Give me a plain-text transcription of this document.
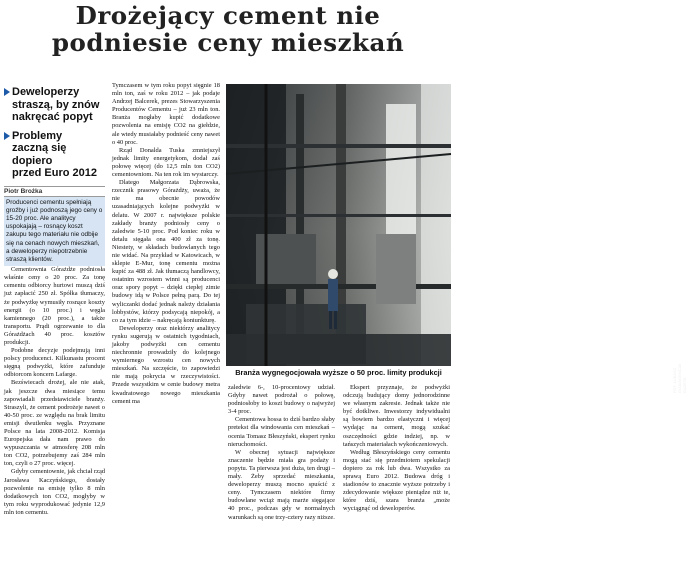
Drożejący cement nie
podniesie ceny mieszkań
Deweloperzy
straszą, by znów
nakręcać popyt
Problemy
zaczną się dopiero
przed Euro 2012
Piotr Brożka
Producenci cementu spełniają groźby i już podnoszą jego ceny o 15-20 proc. Ale analitycy uspokajają – rosnący koszt zakupu tego materiału nie odbije się na cenach nowych mieszkań, a deweloperzy niepotrzebnie straszą klientów.

Cementownia Górażdże podniosła właśnie ceny o 20 proc. Za tonę cementu odbiorcy hurtowi muszą dziś już zapłacić 250 zł. Spółka tłumaczy, że podwyżkę wymusiły rosnące koszty energii (o 10 proc.) i węgla kamiennego (20 proc.), a także transportu. Prądi ogrzewanie to dla Górażdżach 40 proc. kosztów produkcji.

Podobne decyzje podejmują inni polscy producenci. Kilkunastu procent sięgną podwyżki, które zafunduje odbiorcom koncern Lafarge.

Bezświecach drożej, ale nie atak, jak jeszcze dwa miesiące temu zapowiadali przedstawiciele branży. Straszyli, że cement podrożeje nawet o 40-50 proc. ze względu na brak limitu emisji dwutlenku węgla. Przyznane Polsce na lata 2008-2012. Komisja Europejska dała nam prawo do wypuszczania w atmosferę 208 mln ton CO2, potrzebujemy zaś 284 mln ton, czyli o 27 proc. więcej.

Gdyby cementownie, jak chciał rząd Jarosława Kaczyńskiego, dostały pozwolenie na emisję tylko 8 mln dodatkowych ton CO2, mogłyby w tym roku wyprodukować jedynie 12,9 mln ton cementu.

Tymczasem w tym roku popyt sięgnie 18 mln ton, zaś w roku 2012 – jak podaje Andrzej Balcerek, prezes Stowarzyszenia Producentów Cementu – już 23 mln ton. Branża mogłaby kupić dodatkowe pozwolenia na emisję CO2 na giełdzie, ale wtedy musiałaby podnieść ceny nawet o 40 proc.

Rząd Donalda Tuska zmniejszył jednak limity energetykom, dodał zaś połowę więcej (do 12,5 mln ton CO2) cementowniom. Na ten rok im wystarczy.

Dlatego Małgorzata Dąbrowska, rzecznik prasowy Górażdży, uważa, że nie ma obecnie powodów uzasadniających kolejne podwyżki w delatu. W 2007 r. największe polskie zakłady branży podniosły ceny o zaledwie 5-10 proc. Pod koniec roku w detalu sięgała ona 400 zł za tonę. Niestety, w składach budowlanych tego nie widać. Na przykład w Katowicach, w sklepie E-Mur, tonę cementu można kupić za 488 zł. Jak tłumaczą handlowcy, ostatnim wzrostem winni są producenci oraz spory popyt – dzięki ciepłej zimie budowy idą w Polsce pełną parą. Do tej wyliczanki dodać jednak należy działania lobbystów, którzy podsycają niepokój, a co za tym idzie – nakręcają koniunkturę.

Deweloperzy oraz niektórzy analitycy rynku sugerują w ostatnich tygodniach, jakoby podwyżki cen cementu niechronnie prowadziły do kolejnego wymiernego wzrostu cen nowych mieszkań. Na szczęście, to zapowiedzi nie mają pokrycia w rzeczywistości. Przede wszystkim w cenie budowy metra kwadratowego nowego mieszkania cement ma

FOT. ŁUKASZ GIZA/AGENCJA GAZETA
Branża wygnegocjowała wyższe o 50 proc. limity produkcji

zaledwie 6-, 10-procentowy udział. Gdyby nawet podrożał o połowę, podniosłoby to koszt budowy o najwyżej 3-4 proc.

Cementowa hossa to dziś bardzo słaby pretekst dla windowania cen mieszkań – ocenia Tomasz Błeszyński, ekspert rynku nieruchomości.

W obecnej sytuacji największe znaczenie będzie miała gra podaży i popytu. Ta pierwsza jest duża, ten drugi – mały. Żeby sprzedać mieszkania, deweloperzy muszą mocno spuścić z ceny. Tymczasem niektóre firmy budowlane wciąż mają marże sięgające 40 proc., podczas gdy w normalnych warunkach są one trzy-cztery razy niższe.

Ekspert przyznaje, że podwyżki odczują budujący domy jednorodzinne we własnym zakresie. Jednak także nie być dotkliwe. Inwestorzy indywidualni są bowiem bardzo elastyczni i więcej wydając na cement, mogą szukać oszczędności gdzie indziej, np. w tańszych materiałach wykończeniowych.

Według Błeszyńskiego ceny cementu mogą stać się przedmiotem spekulacji dopiero za rok lub dwa. Wszystko za sprawą Euro 2012. Budowa dróg i stadionów to znacznie wyższe potrzeby i zdecydowanie większe pieniądze niż te, które dziś, szara branża „może wyciągnąć od deweloperów.
